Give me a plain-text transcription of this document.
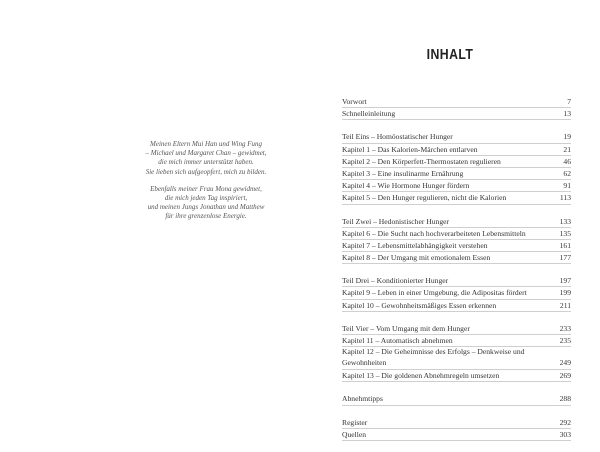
Meinen Eltern Mui Han und Wing Fung
– Michael und Margaret Chan – gewidmet,
die mich immer unterstützt haben.
Sie lieben sich aufgeopfert, mich zu bilden.
Ebenfalls meiner Frau Mona gewidmet,
die mich jeden Tag inspiriert,
und meinen Jungs Jonathan und Matthew
für ihre grenzenlose Energie.
INHALT
Vorwort	7
Schnelleinleitung	13
Teil Eins – Homöostatischer Hunger	19
Kapitel 1 – Das Kalorien-Märchen entlarven	21
Kapitel 2 – Den Körperfett-Thermostaten regulieren	46
Kapitel 3 – Eine insulinarme Ernährung	62
Kapitel 4 – Wie Hormone Hunger fördern	91
Kapitel 5 – Den Hunger regulieren, nicht die Kalorien	113
Teil Zwei – Hedonistischer Hunger	133
Kapitel 6 – Die Sucht nach hochverarbeiteten Lebensmitteln	135
Kapitel 7 – Lebensmittelabhängigkeit verstehen	161
Kapitel 8 – Der Umgang mit emotionalem Essen	177
Teil Drei – Konditionierter Hunger	197
Kapitel 9 – Leben in einer Umgebung, die Adipositas fördert	199
Kapitel 10 – Gewohnheitsmäßiges Essen erkennen	211
Teil Vier – Vom Umgang mit dem Hunger	233
Kapitel 11 – Automatisch abnehmen	235
Kapitel 12 – Die Geheimnisse des Erfolgs – Denkweise und Gewohnheiten	249
Kapitel 13 – Die goldenen Abnehmregeln umsetzen	269
Abnehmtipps	288
Register	292
Quellen	303
